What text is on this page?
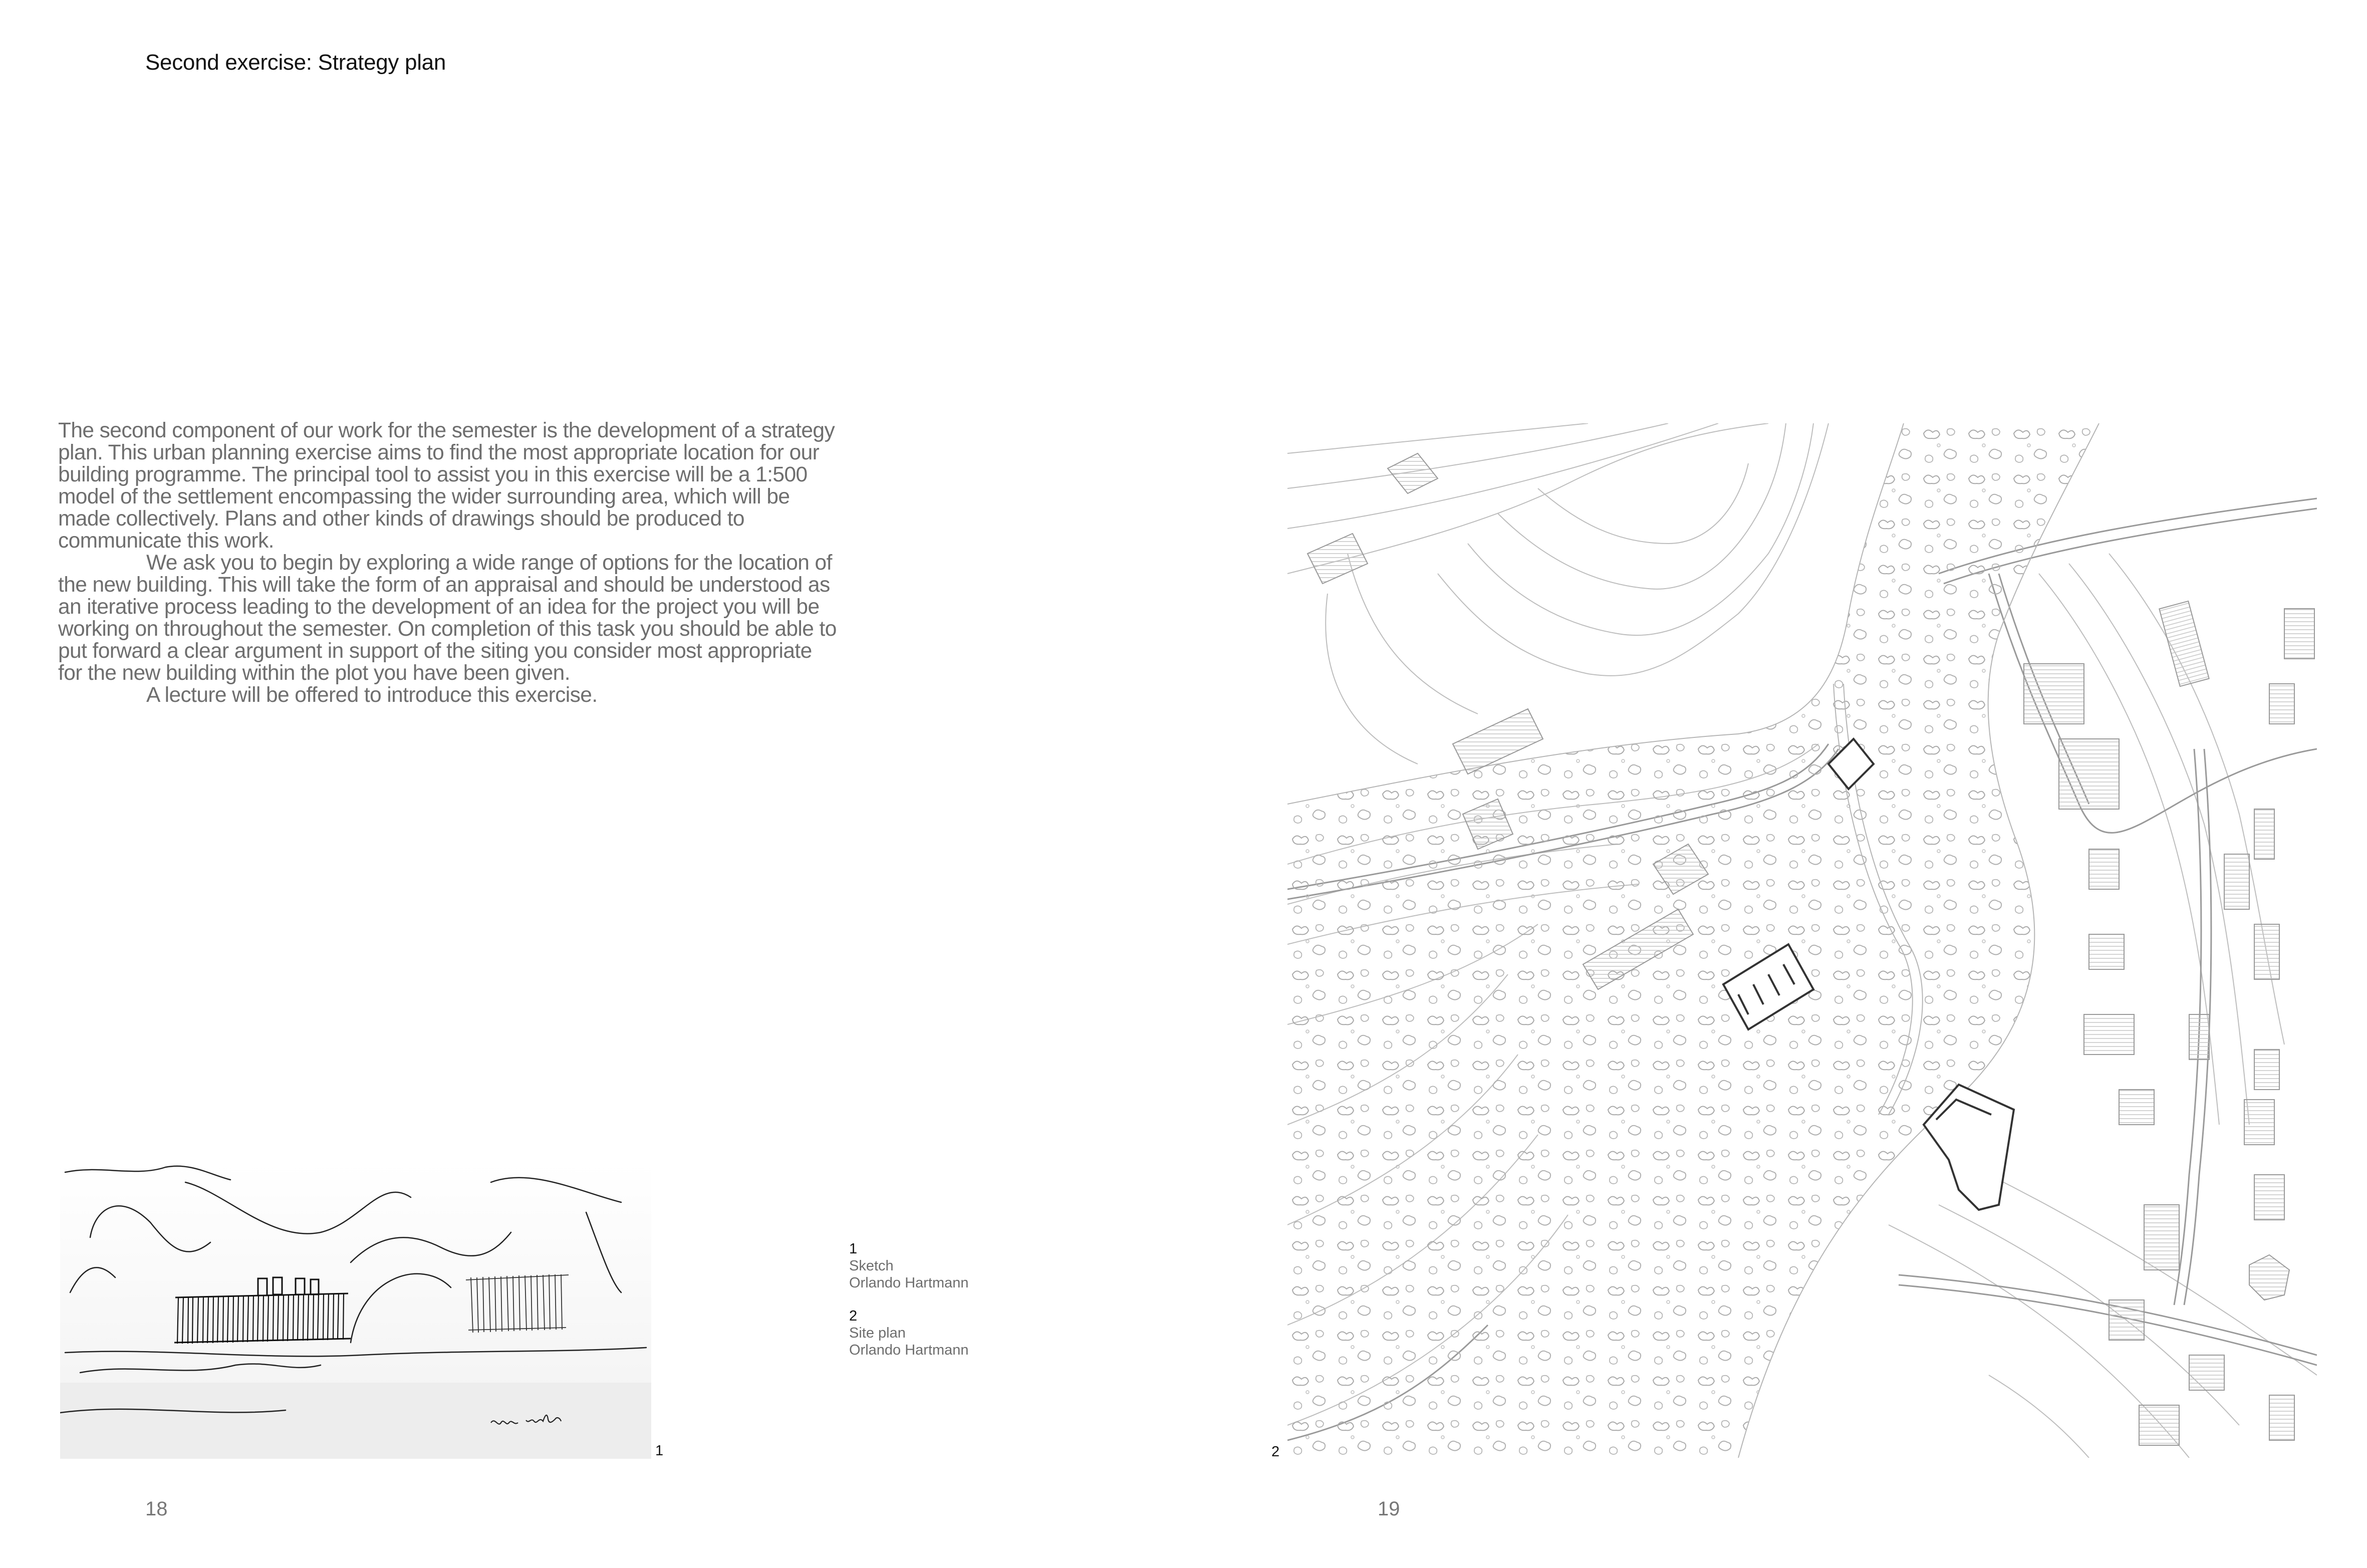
Second exercise: Strategy plan

The second component of our work for the semester is the development of a strategy plan. This urban planning exercise aims to find the most appropriate location for our building programme. The principal tool to assist you in this exercise will be a 1:500 model of the settlement encompassing the wider surrounding area, which will be made collectively. Plans and other kinds of drawings should be produced to communicate this work.

We ask you to begin by exploring a wide range of options for the location of the new building. This will take the form of an appraisal and should be understood as an iterative process leading to the development of an idea for the project you will be working on throughout the semester. On completion of this task you should be able to put forward a clear argument in support of the siting you consider most appropriate for the new building within the plot you have been given.

A lecture will be offered to introduce this exercise.

1
1
Sketch
Orlando Hartmann
2
Site plan
Orlando Hartmann
2
18	19
